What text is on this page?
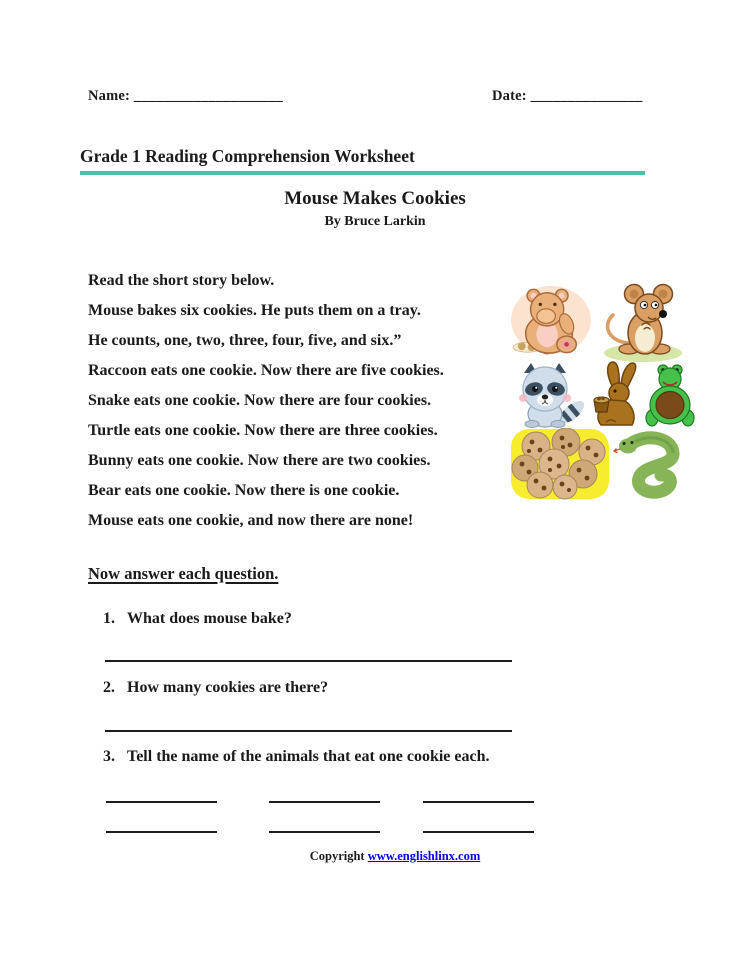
Name: ____________________	Date: _______________
Grade 1 Reading Comprehension Worksheet
Mouse Makes Cookies
By Bruce Larkin

Read the short story below.

Mouse bakes six cookies. He puts them on a tray.

He counts, one, two, three, four, five, and six.”

Raccoon eats one cookie. Now there are five cookies.

Snake eats one cookie. Now there are four cookies.

Turtle eats one cookie. Now there are three cookies.

Bunny eats one cookie. Now there are two cookies.

Bear eats one cookie. Now there is one cookie.

Mouse eats one cookie, and now there are none!

Now answer each question.
1. What does mouse bake?
2. How many cookies are there?
3. Tell the name of the animals that eat one cookie each.
Copyright www.englishlinx.com
